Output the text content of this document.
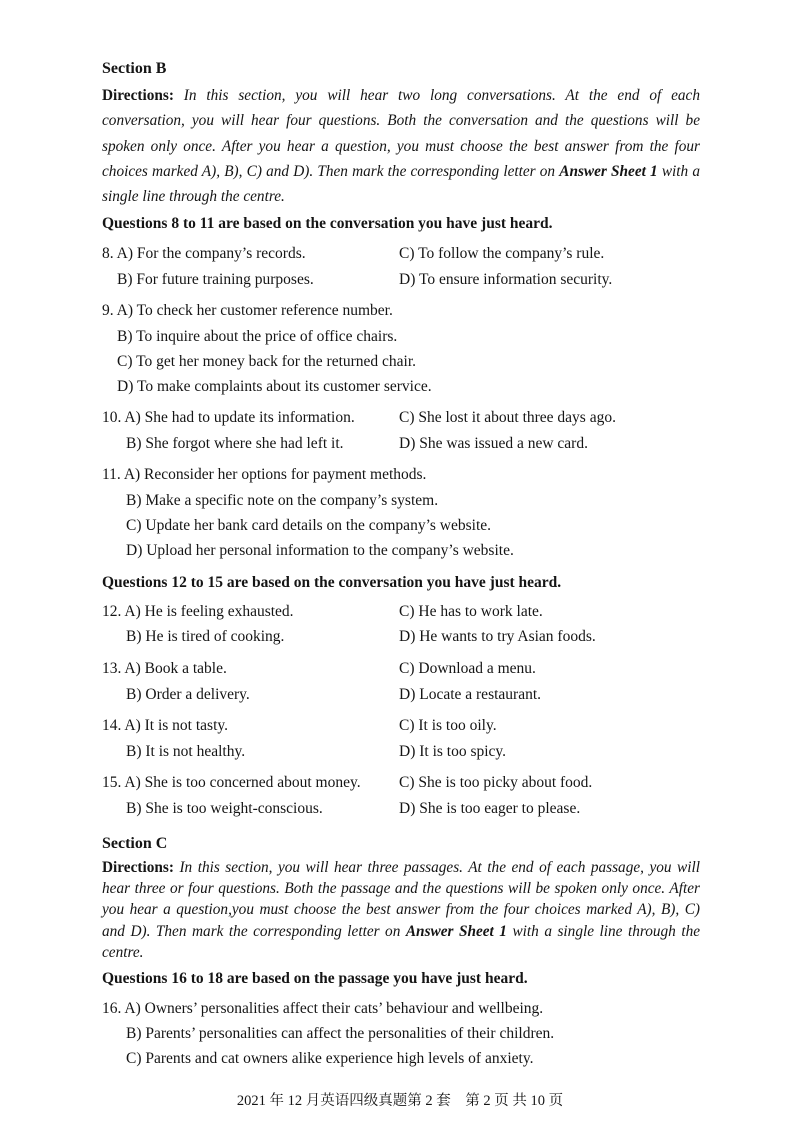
Section B
Directions: In this section, you will hear two long conversations. At the end of each conversation, you will hear four questions. Both the conversation and the questions will be spoken only once. After you hear a question, you must choose the best answer from the four choices marked A), B), C) and D). Then mark the corresponding letter on Answer Sheet 1 with a single line through the centre.
Questions 8 to 11 are based on the conversation you have just heard.
8. A) For the company’s records.	C) To follow the company’s rule.
B) For future training purposes.	D) To ensure information security.
9. A) To check her customer reference number.
B) To inquire about the price of office chairs.
C) To get her money back for the returned chair.
D) To make complaints about its customer service.
10. A) She had to update its information.	C) She lost it about three days ago.
B) She forgot where she had left it.	D) She was issued a new card.
11. A) Reconsider her options for payment methods.
B) Make a specific note on the company’s system.
C) Update her bank card details on the company’s website.
D) Upload her personal information to the company’s website.
Questions 12 to 15 are based on the conversation you have just heard.
12. A) He is feeling exhausted.	C) He has to work late.
B) He is tired of cooking.	D) He wants to try Asian foods.
13. A) Book a table.	C) Download a menu.
B) Order a delivery.	D) Locate a restaurant.
14. A) It is not tasty.	C) It is too oily.
B) It is not healthy.	D) It is too spicy.
15. A) She is too concerned about money. C) She is too picky about food.
B) She is too weight-conscious.	D) She is too eager to please.
Section C
Directions: In this section, you will hear three passages. At the end of each passage, you will hear three or four questions. Both the passage and the questions will be spoken only once. After you hear a question,you must choose the best answer from the four choices marked A), B), C) and D). Then mark the corresponding letter on Answer Sheet 1 with a single line through the centre.
Questions 16 to 18 are based on the passage you have just heard.
16. A) Owners’ personalities affect their cats’ behaviour and wellbeing.
B) Parents’ personalities can affect the personalities of their children.
C) Parents and cat owners alike experience high levels of anxiety.
2021 年 12 月英语四级真题第 2 套　第 2 页 共 10 页
